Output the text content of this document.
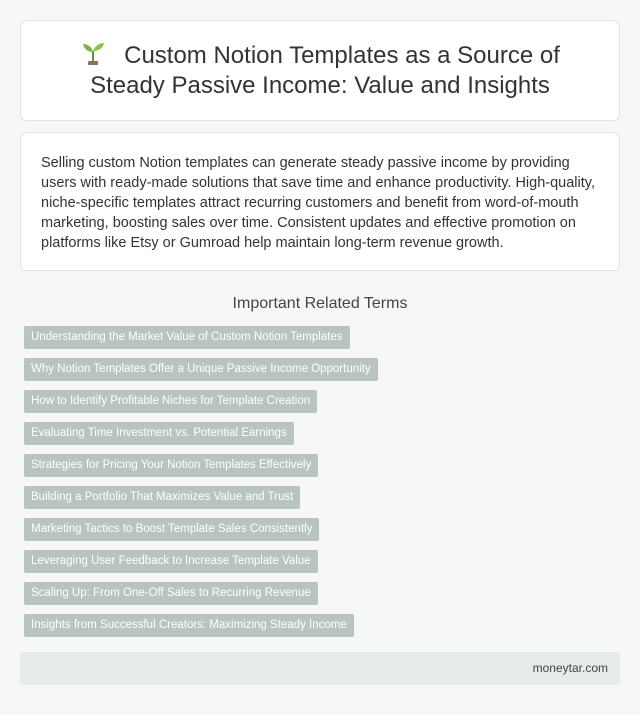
Custom Notion Templates as a Source of Steady Passive Income: Value and Insights

Selling custom Notion templates can generate steady passive income by providing users with ready-made solutions that save time and enhance productivity. High-quality, niche-specific templates attract recurring customers and benefit from word-of-mouth marketing, boosting sales over time. Consistent updates and effective promotion on platforms like Etsy or Gumroad help maintain long-term revenue growth.

Important Related Terms
Understanding the Market Value of Custom Notion Templates
Why Notion Templates Offer a Unique Passive Income Opportunity
How to Identify Profitable Niches for Template Creation
Evaluating Time Investment vs. Potential Earnings
Strategies for Pricing Your Notion Templates Effectively
Building a Portfolio That Maximizes Value and Trust
Marketing Tactics to Boost Template Sales Consistently
Leveraging User Feedback to Increase Template Value
Scaling Up: From One-Off Sales to Recurring Revenue
Insights from Successful Creators: Maximizing Steady Income
moneytar.com
